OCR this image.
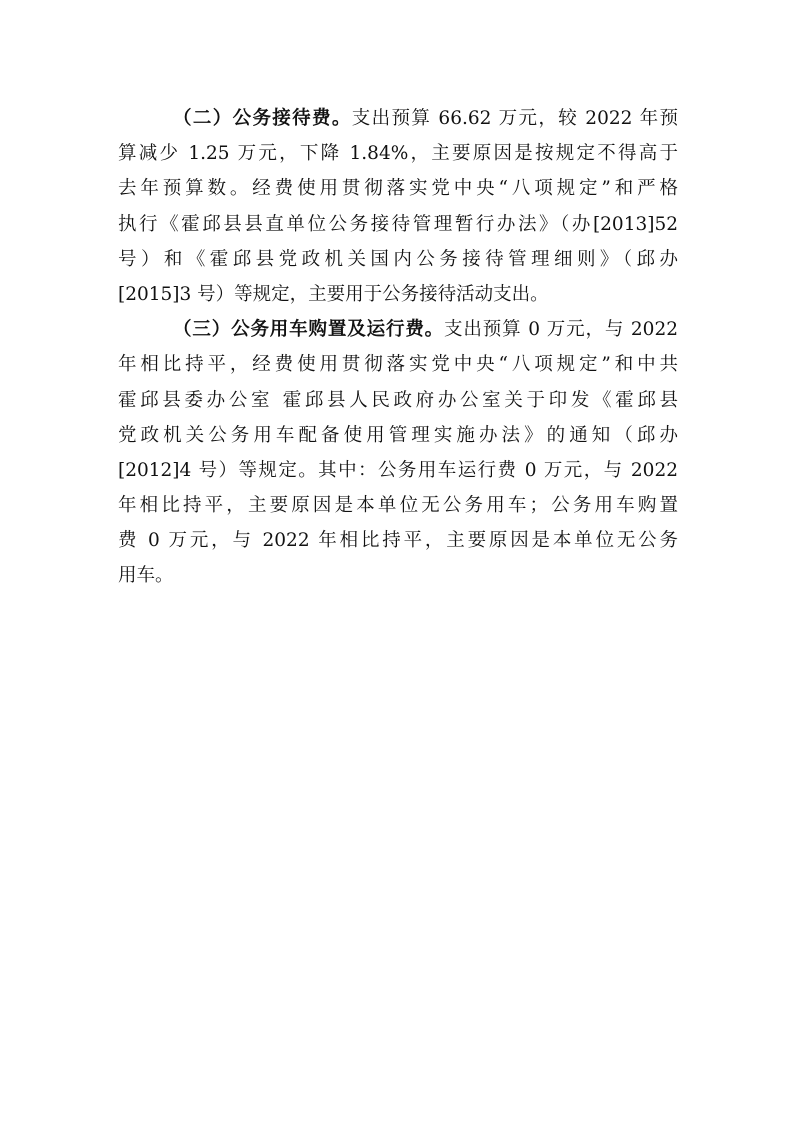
（二）公务接待费。支出预算 66.62 万元，较 2022 年预
算减少 1.25 万元，下降 1.84%，主要原因是按规定不得高于
去年预算数。经费使用贯彻落实党中央“八项规定”和严格
执行《霍邱县县直单位公务接待管理暂行办法》（办[2013]52
号）和《霍邱县党政机关国内公务接待管理细则》（邱办
[2015]3 号）等规定，主要用于公务接待活动支出。
（三）公务用车购置及运行费。支出预算 0 万元，与 2022
年相比持平，经费使用贯彻落实党中央“八项规定”和中共
霍邱县委办公室 霍邱县人民政府办公室关于印发《霍邱县
党政机关公务用车配备使用管理实施办法》的通知（邱办
[2012]4 号）等规定。其中：公务用车运行费 0 万元，与 2022
年相比持平，主要原因是本单位无公务用车；公务用车购置
费 0 万元，与 2022 年相比持平，主要原因是本单位无公务
用车。
